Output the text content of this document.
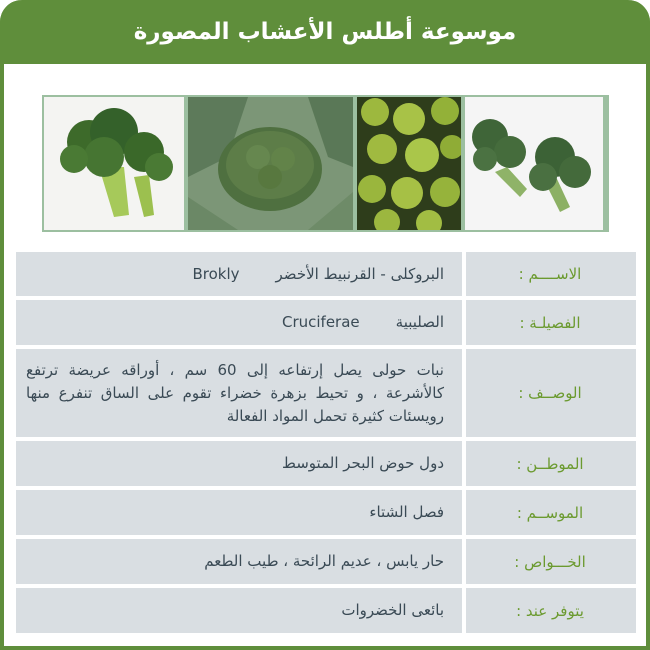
موسوعة أطلس الأعشاب المصورة
الاســــم :
البروكلى - القرنبيط الأخضر
Brokly
الفصيلـة :
الصليبية
Cruciferae
الوصــف :
نبات حولى يصل إرتفاعه إلى 60 سم ، أوراقه عريضة ترتفع كالأشرعة ، و تحيط بزهرة خضراء تقوم على الساق تنفرع منها رويسئات كثيرة تحمل المواد الفعالة
الموطــن :
دول حوض البحر المتوسط
الموســم :
فصل الشتاء
الخـــواص :
حار يابس ، عديم الرائحة ، طيب الطعم
يتوفر عند :
بائعى الخضروات
